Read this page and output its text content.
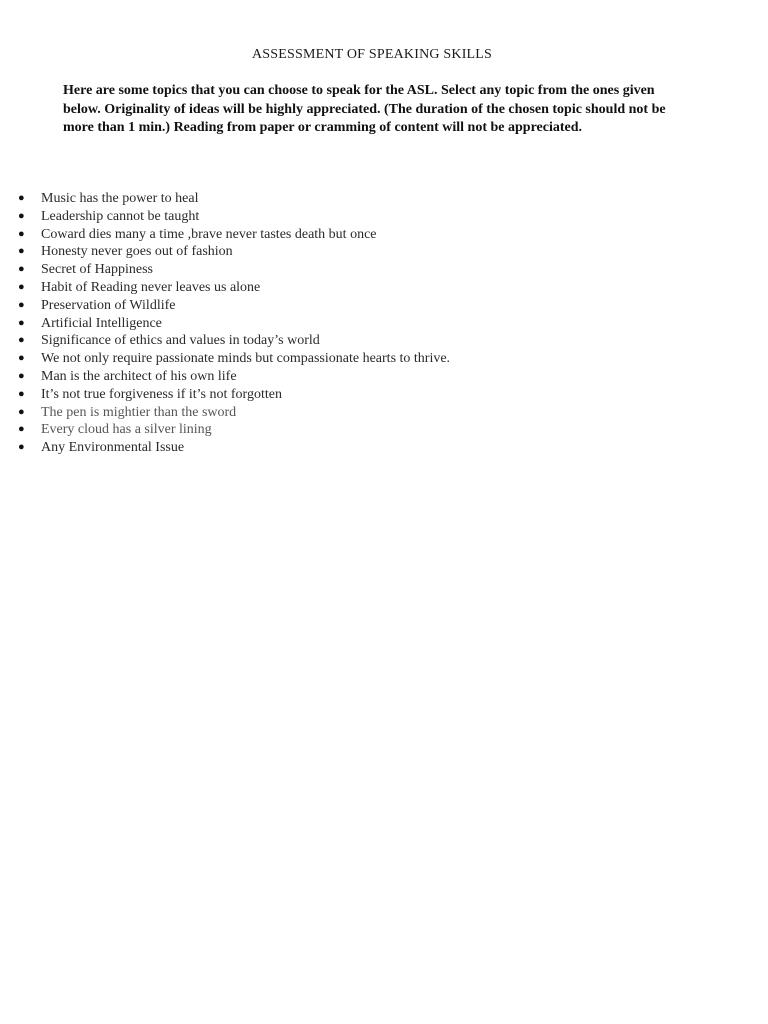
ASSESSMENT OF SPEAKING SKILLS
Here are some topics that you can choose to speak for the ASL. Select any topic from the ones given below. Originality of ideas will be highly appreciated. (The duration of the chosen topic should not be more than 1 min.) Reading from paper or cramming of content will not be appreciated.
● Music has the power to heal
● Leadership cannot be taught
● Coward dies many a time ,brave never tastes death but once
● Honesty never goes out of fashion
● Secret of Happiness
● Habit of Reading never leaves us alone
● Preservation of Wildlife
● Artificial Intelligence
● Significance of ethics and values in today’s world
● We not only require passionate minds but compassionate hearts to thrive.
● Man is the architect of his own life
● It’s not true forgiveness if it’s not forgotten
● The pen is mightier than the sword
● Every cloud has a silver lining
● Any Environmental Issue
